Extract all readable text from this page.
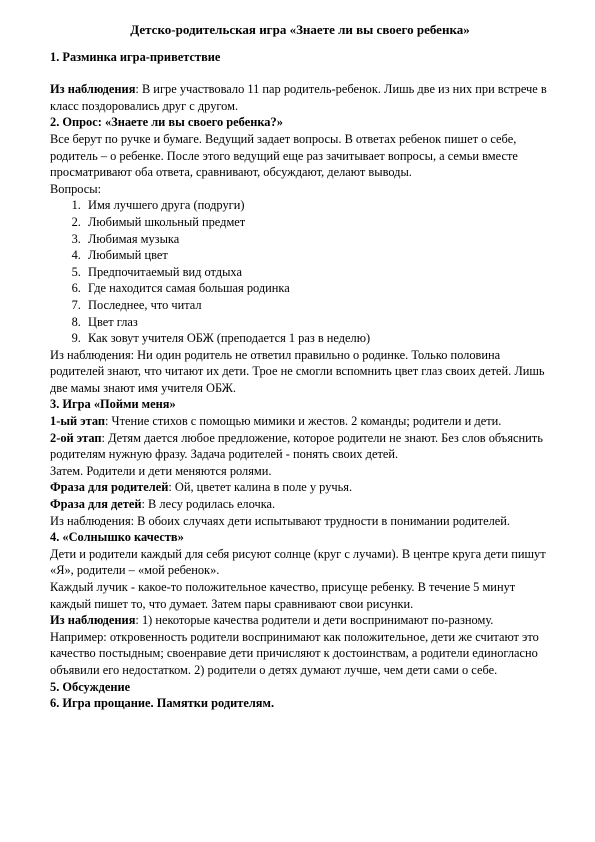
Детско-родительская игра «Знаете ли вы своего ребенка»

1. Разминка игра-приветствие

Из наблюдения: В игре участвовало 11 пар родитель-ребенок. Лишь две из них при встрече в класс поздоровались друг с другом.

2. Опрос: «Знаете ли вы своего ребенка?»

Все берут по ручке и бумаге. Ведущий задает вопросы. В ответах ребенок пишет о себе, родитель – о ребенке. После этого ведущий еще раз зачитывает вопросы, а семьи вместе просматривают оба ответа, сравнивают, обсуждают, делают выводы.

Вопросы:

1. Имя лучшего друга (подруги)
2. Любимый школьный предмет
3. Любимая музыка
4. Любимый цвет
5. Предпочитаемый вид отдыха
6. Где находится самая большая родинка
7. Последнее, что читал
8. Цвет глаз
9. Как зовут учителя ОБЖ (преподается 1 раз в неделю)

Из наблюдения: Ни один родитель не ответил правильно о родинке. Только половина родителей знают, что читают их дети. Трое не смогли вспомнить цвет глаз своих детей. Лишь две мамы знают имя учителя ОБЖ.

3. Игра «Пойми меня»

1-ый этап: Чтение стихов с помощью мимики и жестов. 2 команды; родители и дети.

2-ой этап: Детям дается любое предложение, которое родители не знают. Без слов объяснить родителям нужную фразу. Задача родителей - понять своих детей.

Затем. Родители и дети меняются ролями.

Фраза для родителей: Ой, цветет калина в поле у ручья.

Фраза для детей: В лесу родилась елочка.

Из наблюдения: В обоих случаях дети испытывают трудности в понимании родителей.

4. «Солнышко качеств»

Дети и родители каждый для себя рисуют солнце (круг с лучами). В центре круга дети пишут «Я», родители – «мой ребенок».

Каждый лучик - какое-то положительное качество, присуще ребенку. В течение 5 минут каждый пишет то, что думает. Затем пары сравнивают свои рисунки.

Из наблюдения: 1) некоторые качества родители и дети воспринимают по-разному. Например: откровенность родители воспринимают как положительное, дети же считают это качество постыдным; своенравие дети причисляют к достоинствам, а родители единогласно объявили его недостатком. 2) родители о детях думают лучше, чем дети сами о себе.

5. Обсуждение

6. Игра прощание. Памятки родителям.
